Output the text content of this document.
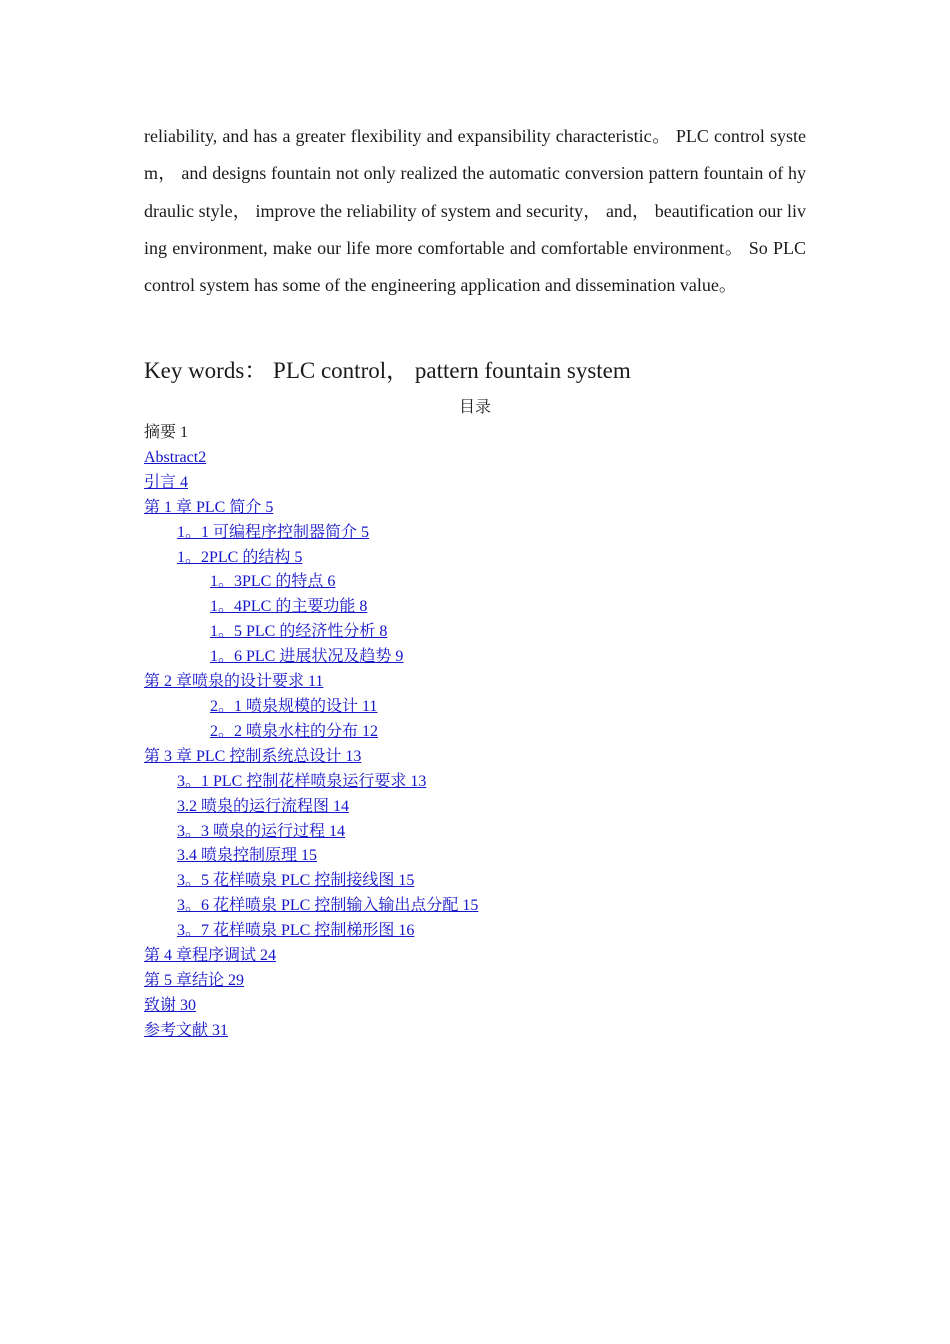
reliability, and has a greater flexibility and expansibility characteristic。 PLC control system， and designs fountain not only realized the automatic conversion pattern fountain of hydraulic style， improve the reliability of system and security， and， beautification our living environment, make our life more comfortable and comfortable environment。 So PLC control system has some of the engineering application and dissemination value。

Key words： PLC control， pattern fountain system
目录
摘要 1
Abstract2
引言 4
第 1 章 PLC 简介 5
1。1 可编程序控制器简介 5
1。2PLC 的结构 5
1。3PLC 的特点 6
1。4PLC 的主要功能 8
1。5 PLC 的经济性分析 8
1。6 PLC 进展状况及趋势 9
第 2 章喷泉的设计要求 11
2。1 喷泉规模的设计 11
2。2 喷泉水柱的分布 12
第 3 章 PLC 控制系统总设计 13
3。1 PLC 控制花样喷泉运行要求 13
3.2 喷泉的运行流程图 14
3。3 喷泉的运行过程 14
3.4 喷泉控制原理 15
3。5 花样喷泉 PLC 控制接线图 15
3。6 花样喷泉 PLC 控制输入输出点分配 15
3。7 花样喷泉 PLC 控制梯形图 16
第 4 章程序调试 24
第 5 章结论 29
致谢 30
参考文献 31
